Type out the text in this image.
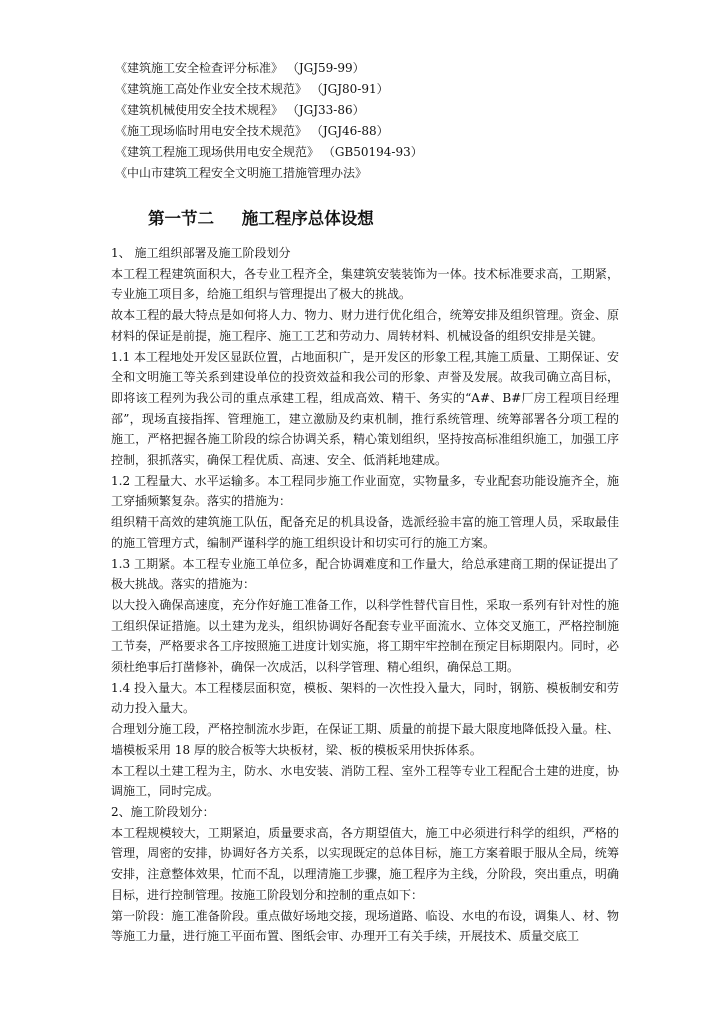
《建筑施工安全检查评分标准》 （JGJ59-99）
《建筑施工高处作业安全技术规范》 （JGJ80-91）
《建筑机械使用安全技术规程》 （JGJ33-86）
《施工现场临时用电安全技术规范》 （JGJ46-88）
《建筑工程施工现场供用电安全规范》 （GB50194-93）
《中山市建筑工程安全文明施工措施管理办法》
第一节二 施工程序总体设想

1、 施工组织部署及施工阶段划分

本工程工程建筑面积大，各专业工程齐全，集建筑安装装饰为一体。技术标准要求高，工期紧，专业施工项目多，给施工组织与管理提出了极大的挑战。

故本工程的最大特点是如何将人力、物力、财力进行优化组合，统筹安排及组织管理。资金、原材料的保证是前提，施工程序、施工工艺和劳动力、周转材料、机械设备的组织安排是关键。

1.1 本工程地处开发区显跃位置，占地面积广，是开发区的形象工程,其施工质量、工期保证、安全和文明施工等关系到建设单位的投资效益和我公司的形象、声誉及发展。故我司确立高目标，即将该工程列为我公司的重点承建工程，组成高效、精干、务实的“A#、B#厂房工程项目经理部”，现场直接指挥、管理施工，建立激励及约束机制，推行系统管理、统筹部署各分项工程的施工，严格把握各施工阶段的综合协调关系，精心策划组织，坚持按高标准组织施工，加强工序控制，狠抓落实，确保工程优质、高速、安全、低消耗地建成。

1.2 工程量大、水平运输多。本工程同步施工作业面宽，实物量多，专业配套功能设施齐全，施工穿插频繁复杂。落实的措施为：

组织精干高效的建筑施工队伍，配备充足的机具设备，选派经验丰富的施工管理人员，采取最佳的施工管理方式，编制严谨科学的施工组织设计和切实可行的施工方案。

1.3 工期紧。本工程专业施工单位多，配合协调难度和工作量大，给总承建商工期的保证提出了极大挑战。落实的措施为：

以大投入确保高速度，充分作好施工准备工作，以科学性替代盲目性，采取一系列有针对性的施工组织保证措施。以土建为龙头，组织协调好各配套专业平面流水、立体交叉施工，严格控制施工节奏，严格要求各工序按照施工进度计划实施，将工期牢牢控制在预定目标期限内。同时，必须杜绝事后打凿修补，确保一次成活，以科学管理、精心组织，确保总工期。

1.4 投入量大。本工程楼层面积宽，模板、架料的一次性投入量大，同时，钢筋、模板制安和劳动力投入量大。

合理划分施工段，严格控制流水步距，在保证工期、质量的前提下最大限度地降低投入量。柱、墙模板采用 18 厚的胶合板等大块板材，梁、板的模板采用快拆体系。

本工程以土建工程为主，防水、水电安装、消防工程、室外工程等专业工程配合土建的进度，协调施工，同时完成。

2、施工阶段划分：

本工程规模较大，工期紧迫，质量要求高，各方期望值大，施工中必须进行科学的组织，严格的管理，周密的安排，协调好各方关系，以实现既定的总体目标，施工方案着眼于服从全局，统筹安排，注意整体效果，忙而不乱，以理清施工步骤，施工程序为主线，分阶段，突出重点，明确目标，进行控制管理。按施工阶段划分和控制的重点如下：

第一阶段：施工准备阶段。重点做好场地交接，现场道路、临设、水电的布设，调集人、材、物等施工力量，进行施工平面布置、图纸会审、办理开工有关手续，开展技术、质量交底工
